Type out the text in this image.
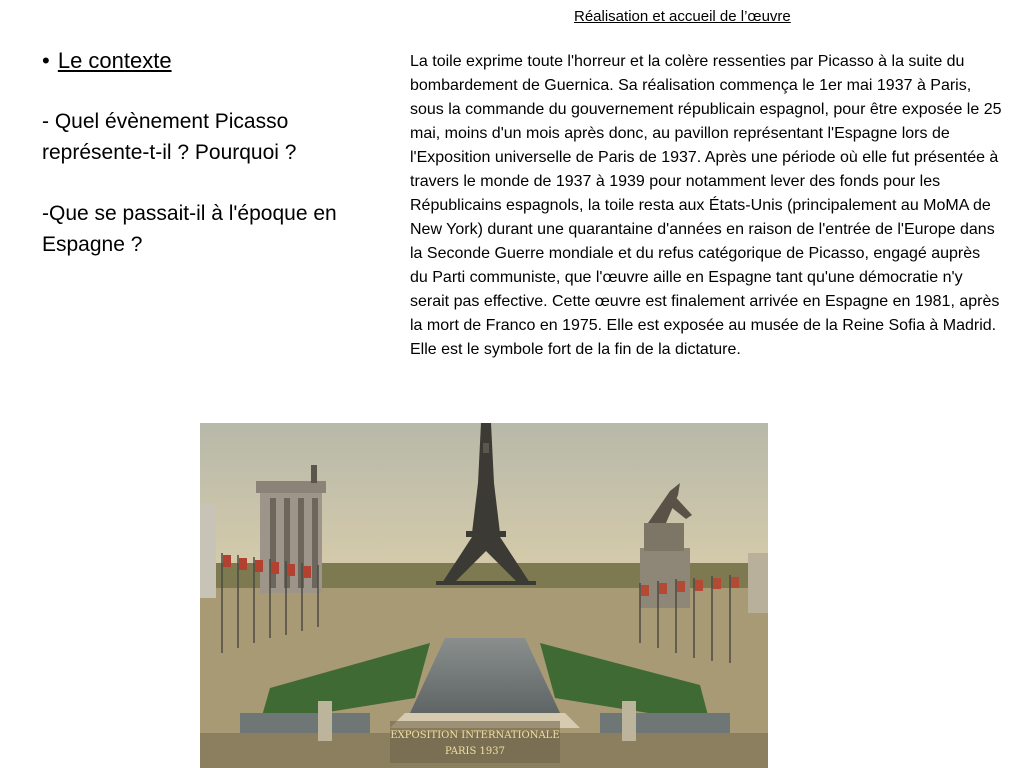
Réalisation et accueil de l’œuvre
• Le contexte
- Quel évènement Picasso représente-t-il ? Pourquoi ?
-Que se passait-il à l'époque en Espagne ?
La toile exprime toute l'horreur et la colère ressenties par Picasso à la suite du bombardement de Guernica. Sa réalisation commença le 1er mai 1937 à Paris, sous la commande du gouvernement républicain espagnol, pour être exposée le 25 mai, moins d'un mois après donc, au pavillon représentant l'Espagne lors de l'Exposition universelle de Paris de 1937. Après une période où elle fut présentée à travers le monde de 1937 à 1939 pour notamment lever des fonds pour les Républicains espagnols, la toile resta aux États-Unis (principalement au MoMA de New York) durant une quarantaine d'années en raison de l'entrée de l'Europe dans la Seconde Guerre mondiale et du refus catégorique de Picasso, engagé auprès du Parti communiste, que l'œuvre aille en Espagne tant qu'une démocratie n'y serait pas effective. Cette œuvre est finalement arrivée en Espagne en 1981, après la mort de Franco en 1975. Elle est exposée au musée de la Reine Sofia à Madrid. Elle est le symbole fort de la fin de la dictature.
EXPOSITION INTERNATIONALE
PARIS 1937
